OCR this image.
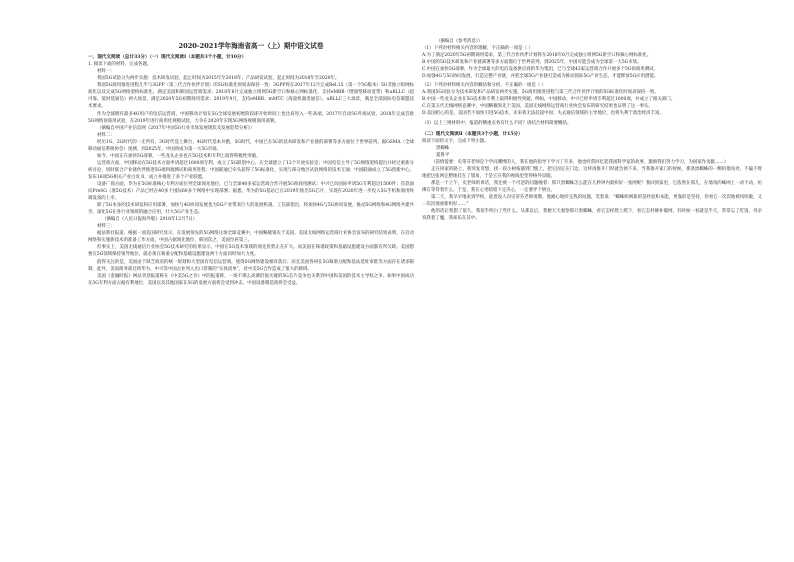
2020-2021学年海南省高一（上）期中语文试卷

一、现代文阅读（总计33分）（一）现代文阅读Ⅰ（本题共3个小题，计10分）

1. 阅读下面的材料，完成各题。

材料一：

我国5G试验分为两步实施：技术研发试验，起止时间为2015年至2018年；产品研发试验，起止时间为2018年至2020年。

我国5G商用推进进程几乎与3GPP（第三代合作伙伴计划）的5G标准化时间表保持一致：3GPP将在2017年12月完成Rel.15（第一个5G版本）5G非独立组网标准化以及完成5G网络架构标准化，满足美国和韩国运营商需求；2018年6月完成独立组网5G新空口和核心网标准化，支持eMBB（增强型移动宽带）和uRLLC（超可靠、低时延通信）两大场景，满足2020年5G初期商用需求；2019年9月，支持eMBB、mMTC（海量机器类通信）、uRLLC三大场景，满足全部国际电信联盟技术要求。

作为全球拥有最多4G用户的电信运营商，中国移动计划在5G全球发展初始阶段即开始时间上也比肩进入一些高端，2017年启动5G外场试验，2018年完成首批5G网络预商用试验，在2019年进行商用化规模试验，力争在2020年实现5G网络规模商用部署。

（摘编自中国产业信息网《2017年中国5G行业市场发展现状及发展趋势分析》）

材料二：

经历1G、2G时代的一无所有，3G时代登上舞台，4G时代基本并跑，5G时代，中国已在5G的技术研发和产业链的部署等多方面位于世界前列。据GSMA（全球移动通信系统协会）预测，到2025年，中国将成为第一大5G市场。

如今，中国正在加快5G部署，一些龙头企业也在5G技术和专利上取得积极性突破。

运营商方面，中国移动在5G技术方面申请超过1000项专利，成立了5G联创中心，在全球建立了12个开放实验室；中国电信主导了5G网络架构提出并经过重新分析讨论，同时联合产业链伙伴推进5G端到端测试和商用进程；中国联通已牵头获得了5G标准化，实现与部分地区试验网络的技术互通；中国联通成立了5G创新中心，发布16项5G相关产业白皮书，成立并推进了多个产业联盟。

设备厂商方面，华为在5G标准核心专利方面位列全球领先地位，已与全球40多家运营商合作开展5G预商用测试；中兴已向国际申请5G专利超过1500件；首款面向PreSG（准5G技术）产品已经在40多个国际60多个网络中实现部署；据悉，华为的5G基站已在2019年推出5G芯片，实现在2020年进一步投入5G手机和商用终端设备的上市。

除了5G本身的技术研发和应用部署，加快与4G协同发展也为5G产业带来巨大的发展机遇。工信部指出，将加快4G与5G协同发展，推动5G网络和4G网络共建共享，深化5G在各行业领域的融合应用，壮大5G产业生态。

（摘编自《人民日报海外版》2018年12月7日）

材料三：

据法新社报道，根据一项美国研究显示，在发展领先的5G网络这场全球竞赛中，中国略微领先于美国。美国无线网络运营商行业协会发布的研究结果表明，在启动网络和实施新技术的准备工作方面，中国占据领先地位，韩国次之，美国位居第三。

但事实上，美国无线通信行业协会5G技术研究的结果显示，中国在5G技术领域的领先优势正在扩大。而美国在频谱政策和基础设施建设方面都有所欠缺。美国想要在5G领域保持领导地位，就必须在频谱分配和基础设施建设两个方面同时加大力度。

值得关注的是，美国由于缺乏政府的统一规划和大型国有电信运营商，使得5G网络建设相对落后；而且美国各州在5G频谱分配和基站选址审批等方面存在诸多限制，此外，美国商务部还将华为、中兴等中国企业列入出口管制的“实体清单”，对中美5G合作造成了很大的障碍。

美国《金融时报》网站刊登报道称在《中美5G之争》中的报道称，一场不那么高调但很关键的5G芯片竞争也关系到中国和美国的技术主导权之争。如果中国成功在5G专利方面占据有利地位，美国以及其他国家在5G的发展方面将会受到冲击，中国设备制造商将会受益。

（摘编自《参考消息》）

（1）下列对材料相关内容的理解，不正确的一项是（ ）

A.为了满足2020年5G初期商用需求，第三代合作伙伴计划将在2018年6月完成独立组网5G新空口和核心网标准化。

B.中国的5G技术研发和产业链部署等多方面都位于世界前列，到2025年，中国可能会成为全球第一大5G市场。

C.中国在加快5G部署，作为全球最大的电信设备供应商的华为集团，已与全球42家运营商合作开展多个5G预商用测试。

D.加强4G与5G协同发展，打造完整产业链，并把全球5G产业链打造成为推动国际5G产业生态，才能释放5G应用潜能。

（2）下列对材料相关内容的概括和分析，不正确的一项是（ ）

A.我国5G试验分为技术研发和产品研发两步实施，5G商用推进进程与第三代合作伙伴计划的5G标准化时间表保持一致。

B.中国一些龙头企业在5G技术和专利上取得积极性突破，例如，中国移动、中兴已经申请专利超过1000项，并成立了相关部门。

C.在第五代无线网络竞赛中，中国略微领先于美国，美国无线网络运营商行业协会发布的研究结果也证明了这一事实。

D.美国担心的是，美国若不加快引进5G技术，未来将无法赶超中国；失去通信领域的主导地位，也将失利于政治经济丰富。

（3）以上三则材料中，报道的侧重点各有什么不同？请结合材料简要概括。

（二）现代文阅读Ⅱ（本题共3个小题，计15分）

阅读下面的文字，完成下列小题。

黑蜘蛛

夏鲁平

（前情提要：史蒂芬老师是个学问渊博的人，我在他的指导下学习了许多，他也经常回忆起我国科学家的故事，激励我们努力学习，为国家作贡献……）

走在回家的路上，我突发奇想，找一段小树枝插到门缝上，把它固定在门边，这样再推开门时就会掉下来。当我推开家门的时候，那条黑蜘蛛的一侧的墙角处，不偏不倚地把这张网完整地挂在了墙角，于是它在我的视线里变得格外显眼。

那是一个上午，史老师的讲话，我还被一个可恶的问题缠着：那只黑蜘蛛怎么能在几秒钟内就织好一张网呢？我回到家里，它依然在那儿，在墙角的蛛网上一动不动，仿佛在等待着什么。于是，我在心里暗暗下定决心，一定要弄个明白。

第二天，我早早地来到学校，趁着没人向史蒂芬老师请教。他耐心地听完我的问题，笑着说：“蜘蛛织网靠的是经验和本能，更靠的是坚持，你看它一次次地被风吹破，又一次次地重新织好……”

他的话让我想了很久，我似乎明白了些什么。从那以后，我便天天观察那只黑蜘蛛，看它怎样爬上爬下，看它怎样修补破网，有时候一看就是半天，常常忘了吃饭，母亲说我着了魔，我却乐在其中。
